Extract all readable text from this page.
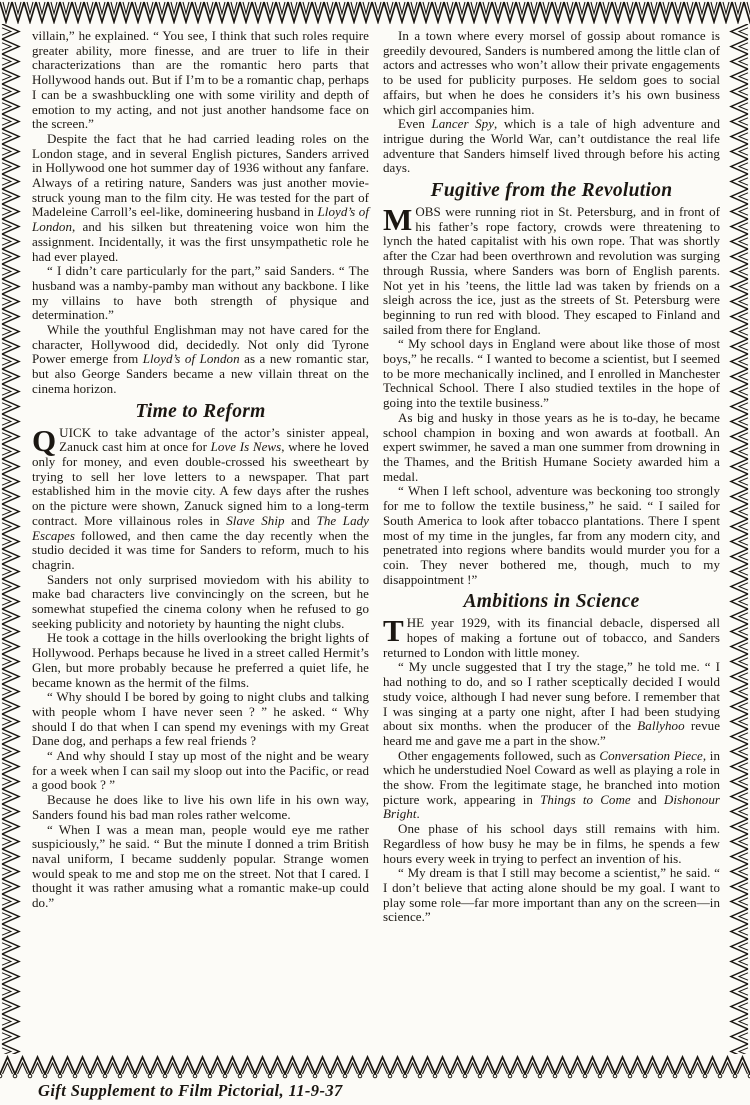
villain,” he explained. “ You see, I think that such roles require greater ability, more finesse, and are truer to life in their characterizations than are the romantic hero parts that Hollywood hands out. But if I’m to be a romantic chap, perhaps I can be a swashbuckling one with some virility and depth of emotion to my acting, and not just another handsome face on the screen.”

Despite the fact that he had carried leading roles on the London stage, and in several English pictures, Sanders arrived in Hollywood one hot summer day of 1936 without any fanfare. Always of a retiring nature, Sanders was just another movie-struck young man to the film city. He was tested for the part of Madeleine Carroll’s eel-like, domineering husband in Lloyd’s of London, and his silken but threatening voice won him the assignment. Incidentally, it was the first unsympathetic role he had ever played.

“ I didn’t care particularly for the part,” said Sanders. “ The husband was a namby-pamby man without any backbone. I like my villains to have both strength of physique and determination.”

While the youthful Englishman may not have cared for the character, Hollywood did, decidedly. Not only did Tyrone Power emerge from Lloyd’s of London as a new romantic star, but also George Sanders became a new villain threat on the cinema horizon.

Time to Reform

QUICK to take advantage of the actor’s sinister appeal, Zanuck cast him at once for Love Is News, where he loved only for money, and even double-crossed his sweetheart by trying to sell her love letters to a newspaper. That part established him in the movie city. A few days after the rushes on the picture were shown, Zanuck signed him to a long-term contract. More villainous roles in Slave Ship and The Lady Escapes followed, and then came the day recently when the studio decided it was time for Sanders to reform, much to his chagrin.

Sanders not only surprised moviedom with his ability to make bad characters live convincingly on the screen, but he somewhat stupefied the cinema colony when he refused to go seeking publicity and notoriety by haunting the night clubs.

He took a cottage in the hills overlooking the bright lights of Hollywood. Perhaps because he lived in a street called Hermit’s Glen, but more probably because he preferred a quiet life, he became known as the hermit of the films.

“ Why should I be bored by going to night clubs and talking with people whom I have never seen ? ” he asked. “ Why should I do that when I can spend my evenings with my Great Dane dog, and perhaps a few real friends ?

“ And why should I stay up most of the night and be weary for a week when I can sail my sloop out into the Pacific, or read a good book ? ”

Because he does like to live his own life in his own way, Sanders found his bad man roles rather welcome.

“ When I was a mean man, people would eye me rather suspiciously,” he said. “ But the minute I donned a trim British naval uniform, I became suddenly popular. Strange women would speak to me and stop me on the street. Not that I cared. I thought it was rather amusing what a romantic make-up could do.”

In a town where every morsel of gossip about romance is greedily devoured, Sanders is numbered among the little clan of actors and actresses who won’t allow their private engagements to be used for publicity purposes. He seldom goes to social affairs, but when he does he considers it’s his own business which girl accompanies him.

Even Lancer Spy, which is a tale of high adventure and intrigue during the World War, can’t outdistance the real life adventure that Sanders himself lived through before his acting days.

Fugitive from the Revolution

MOBS were running riot in St. Petersburg, and in front of his father’s rope factory, crowds were threatening to lynch the hated capitalist with his own rope. That was shortly after the Czar had been overthrown and revolution was surging through Russia, where Sanders was born of English parents. Not yet in his ’teens, the little lad was taken by friends on a sleigh across the ice, just as the streets of St. Petersburg were beginning to run red with blood. They escaped to Finland and sailed from there for England.

“ My school days in England were about like those of most boys,” he recalls. “ I wanted to become a scientist, but I seemed to be more mechanically inclined, and I enrolled in Manchester Technical School. There I also studied textiles in the hope of going into the textile business.”

As big and husky in those years as he is to-day, he became school champion in boxing and won awards at football. An expert swimmer, he saved a man one summer from drowning in the Thames, and the British Humane Society awarded him a medal.

“ When I left school, adventure was beckoning too strongly for me to follow the textile business,” he said. “ I sailed for South America to look after tobacco plantations. There I spent most of my time in the jungles, far from any modern city, and penetrated into regions where bandits would murder you for a coin. They never bothered me, though, much to my disappointment !”

Ambitions in Science

THE year 1929, with its financial debacle, dispersed all hopes of making a fortune out of tobacco, and Sanders returned to London with little money.

“ My uncle suggested that I try the stage,” he told me. “ I had nothing to do, and so I rather sceptically decided I would study voice, although I had never sung before. I remember that I was singing at a party one night, after I had been studying about six months. when the producer of the Ballyhoo revue heard me and gave me a part in the show.”

Other engagements followed, such as Conversation Piece, in which he understudied Noel Coward as well as playing a role in the show. From the legitimate stage, he branched into motion picture work, appearing in Things to Come and Dishonour Bright.

One phase of his school days still remains with him. Regardless of how busy he may be in films, he spends a few hours every week in trying to perfect an invention of his.

“ My dream is that I still may become a scientist,” he said. “ I don’t believe that acting alone should be my goal. I want to play some role—far more important than any on the screen—in science.”

Gift Supplement to Film Pictorial, 11-9-37
